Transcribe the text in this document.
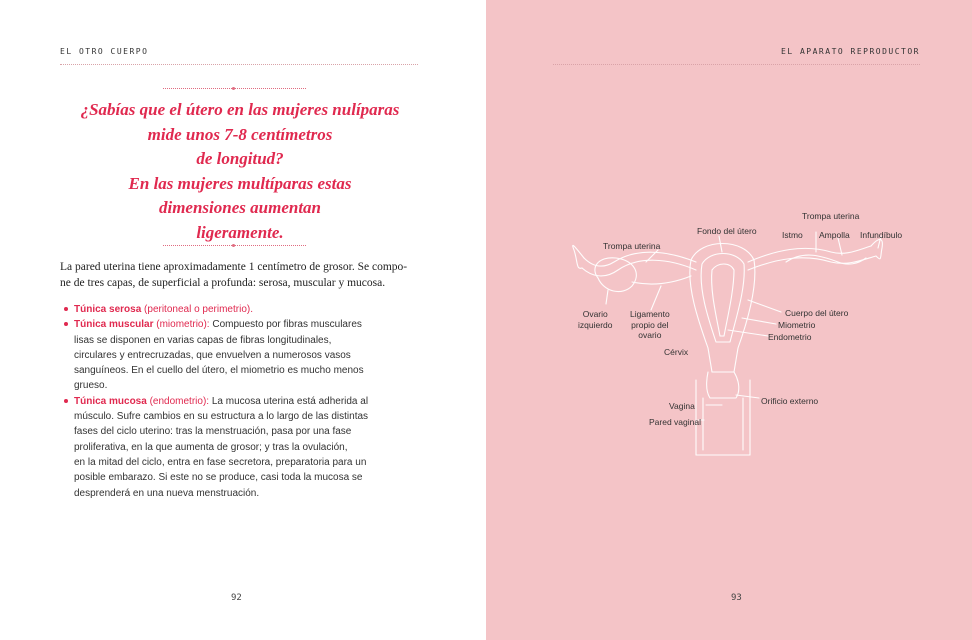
EL OTRO CUERPO
¿Sabías que el útero en las mujeres nulíparas
mide unos 7-8 centímetros
de longitud?
En las mujeres multíparas estas
dimensiones aumentan
ligeramente.
La pared uterina tiene aproximadamente 1 centímetro de grosor. Se compo-
ne de tres capas, de superficial a profunda: serosa, muscular y mucosa.
Túnica serosa (peritoneal o perimetrio).
Túnica muscular (miometrio): Compuesto por fibras musculares
lisas se disponen en varias capas de fibras longitudinales,
circulares y entrecruzadas, que envuelven a numerosos vasos
sanguíneos. En el cuello del útero, el miometrio es mucho menos
grueso.
Túnica mucosa (endometrio): La mucosa uterina está adherida al
músculo. Sufre cambios en su estructura a lo largo de las distintas
fases del ciclo uterino: tras la menstruación, pasa por una fase
proliferativa, en la que aumenta de grosor; y tras la ovulación,
en la mitad del ciclo, entra en fase secretora, preparatoria para un
posible embarazo. Si este no se produce, casi toda la mucosa se
desprenderá en una nueva menstruación.
92
EL APARATO REPRODUCTOR
Trompa uterina
Fondo del útero
Trompa uterina
Istmo Ampolla Infundíbulo
Ovario
izquierdo
Ligamento
propio del
ovario
Cérvix
Cuerpo del útero
Miometrio
Endometrio
Orificio externo
Vagina
Pared vaginal
93
